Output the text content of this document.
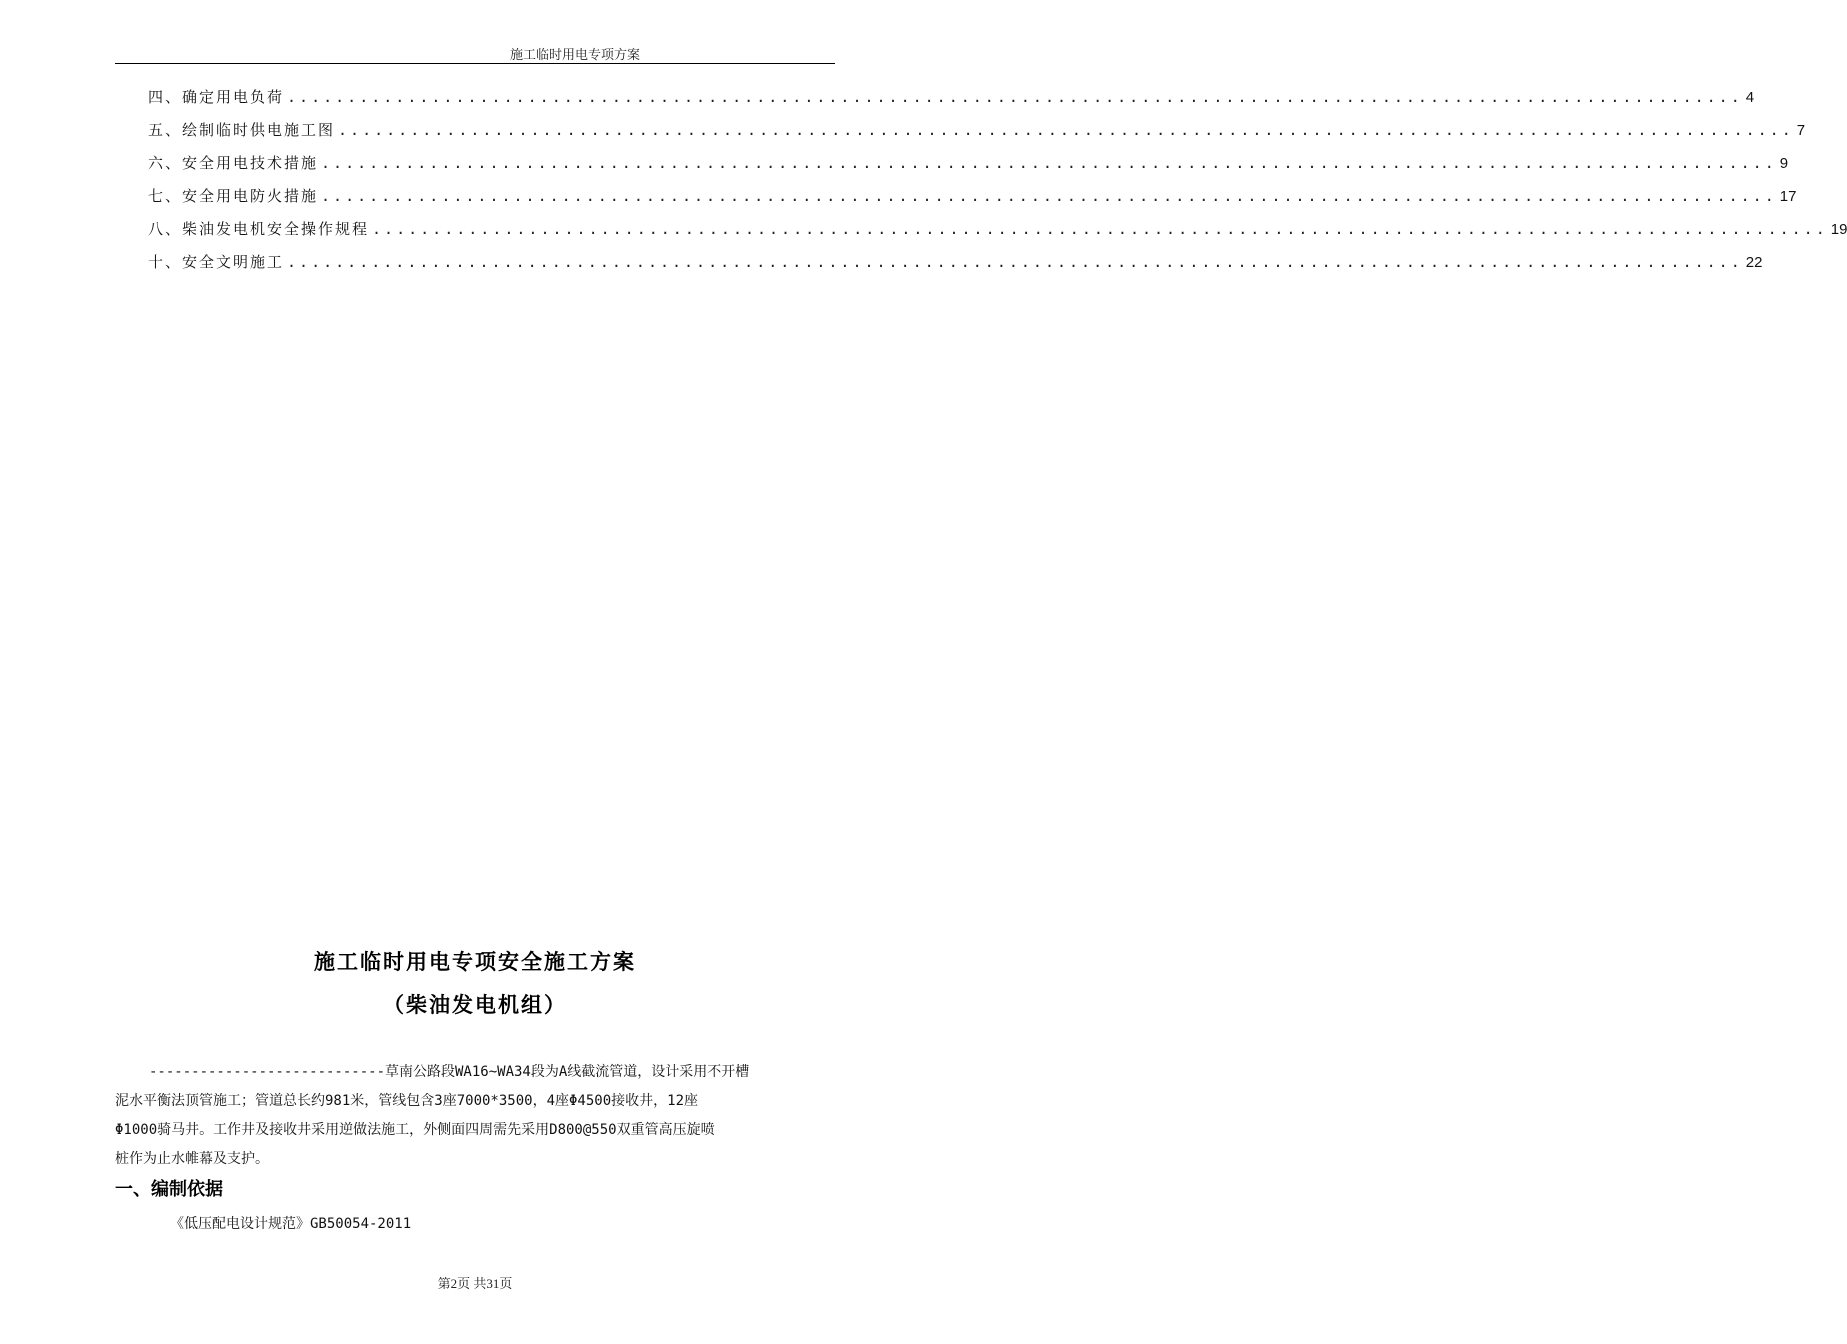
施工临时用电专项方案
四、确定用电负荷 ......................................................................................................................... 4
五、绘制临时供电施工图 ......................................................................................................................... 7
六、安全用电技术措施 ......................................................................................................................... 9
七、安全用电防火措施 ......................................................................................................................... 17
八、柴油发电机安全操作规程 ......................................................................................................................... 19
十、安全文明施工 ......................................................................................................................... 22
施工临时用电专项安全施工方案
（柴油发电机组）

----------------------------草南公路段WA16~WA34段为A线截流管道，设计采用不开槽

泥水平衡法顶管施工；管道总长约981米，管线包含3座7000*3500，4座Φ4500接收井，12座

Φ1000骑马井。工作井及接收井采用逆做法施工，外侧面四周需先采用D800@550双重管高压旋喷

桩作为止水帷幕及支护。

一、编制依据
《低压配电设计规范》GB50054-2011
第2页 共31页
